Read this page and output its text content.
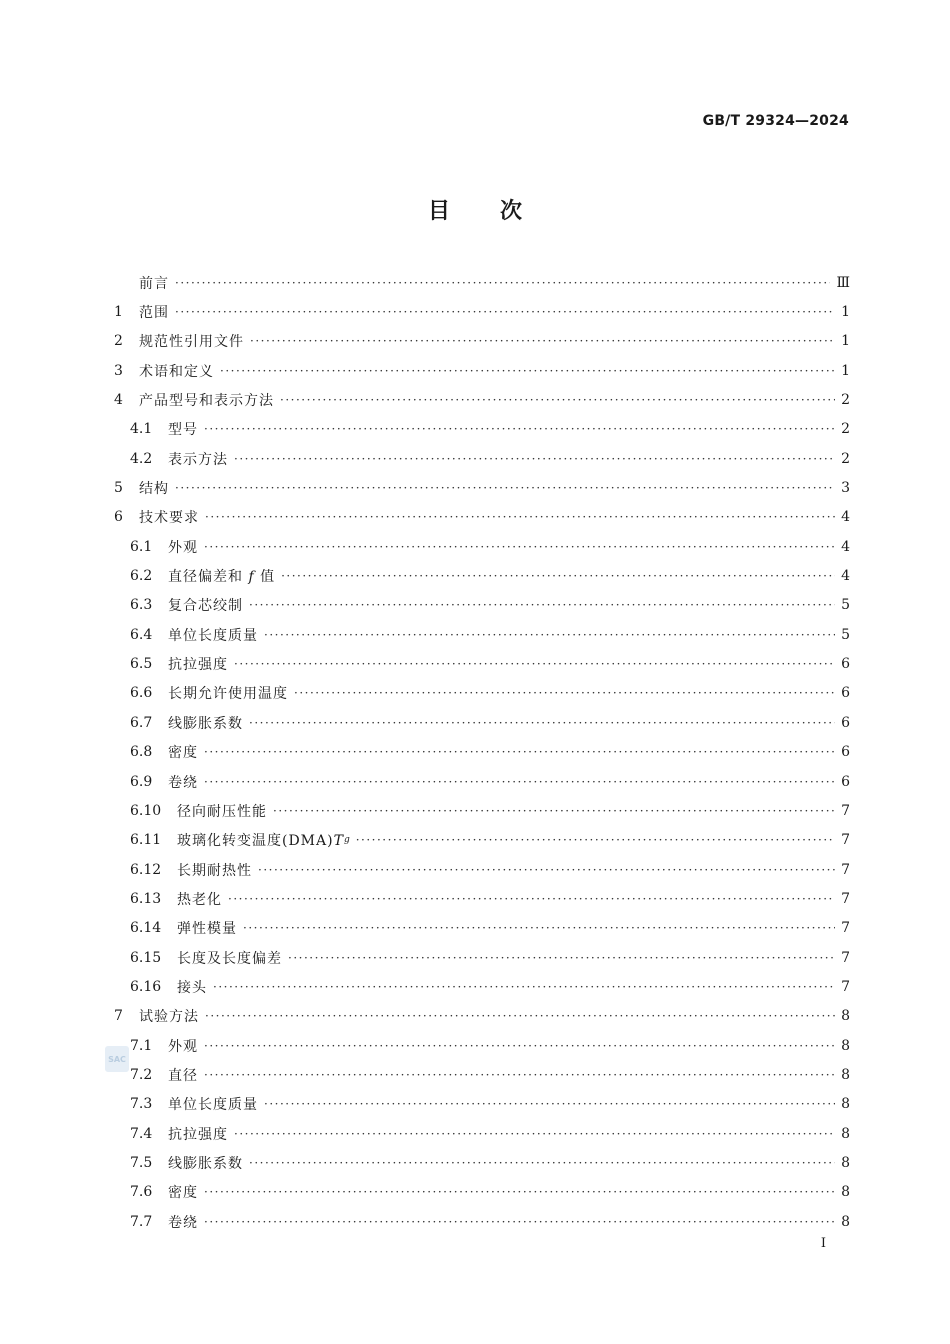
GB/T 29324—2024
目 次
前言 ·····	Ⅲ
1	范围 ·····	1
2	规范性引用文件 ·····	1
3	术语和定义 ·····	1
4	产品型号和表示方法 ·····	2
4.1	型号 ·····	2
4.2	表示方法 ·····	2
5	结构 ·····	3
6	技术要求 ·····	4
6.1	外观 ·····	4
6.2	直径偏差和 f 值 ·····	4
6.3	复合芯绞制 ·····	5
6.4	单位长度质量 ·····	5
6.5	抗拉强度 ·····	6
6.6	长期允许使用温度 ·····	6
6.7	线膨胀系数 ·····	6
6.8	密度 ·····	6
6.9	卷绕 ·····	6
6.10	径向耐压性能 ·····	7
6.11	玻璃化转变温度(DMA)T g ·····	7
6.12	长期耐热性 ·····	7
6.13	热老化 ·····	7
6.14	弹性模量 ·····	7
6.15	长度及长度偏差 ·····	7
6.16	接头 ·····	7
7	试验方法 ·····	8
7.1	外观 ·····	8
7.2	直径 ·····	8
7.3	单位长度质量 ·····	8
7.4	抗拉强度 ·····	8
7.5	线膨胀系数 ·····	8
7.6	密度 ·····	8
7.7	卷绕 ·····	8
SAC
I
